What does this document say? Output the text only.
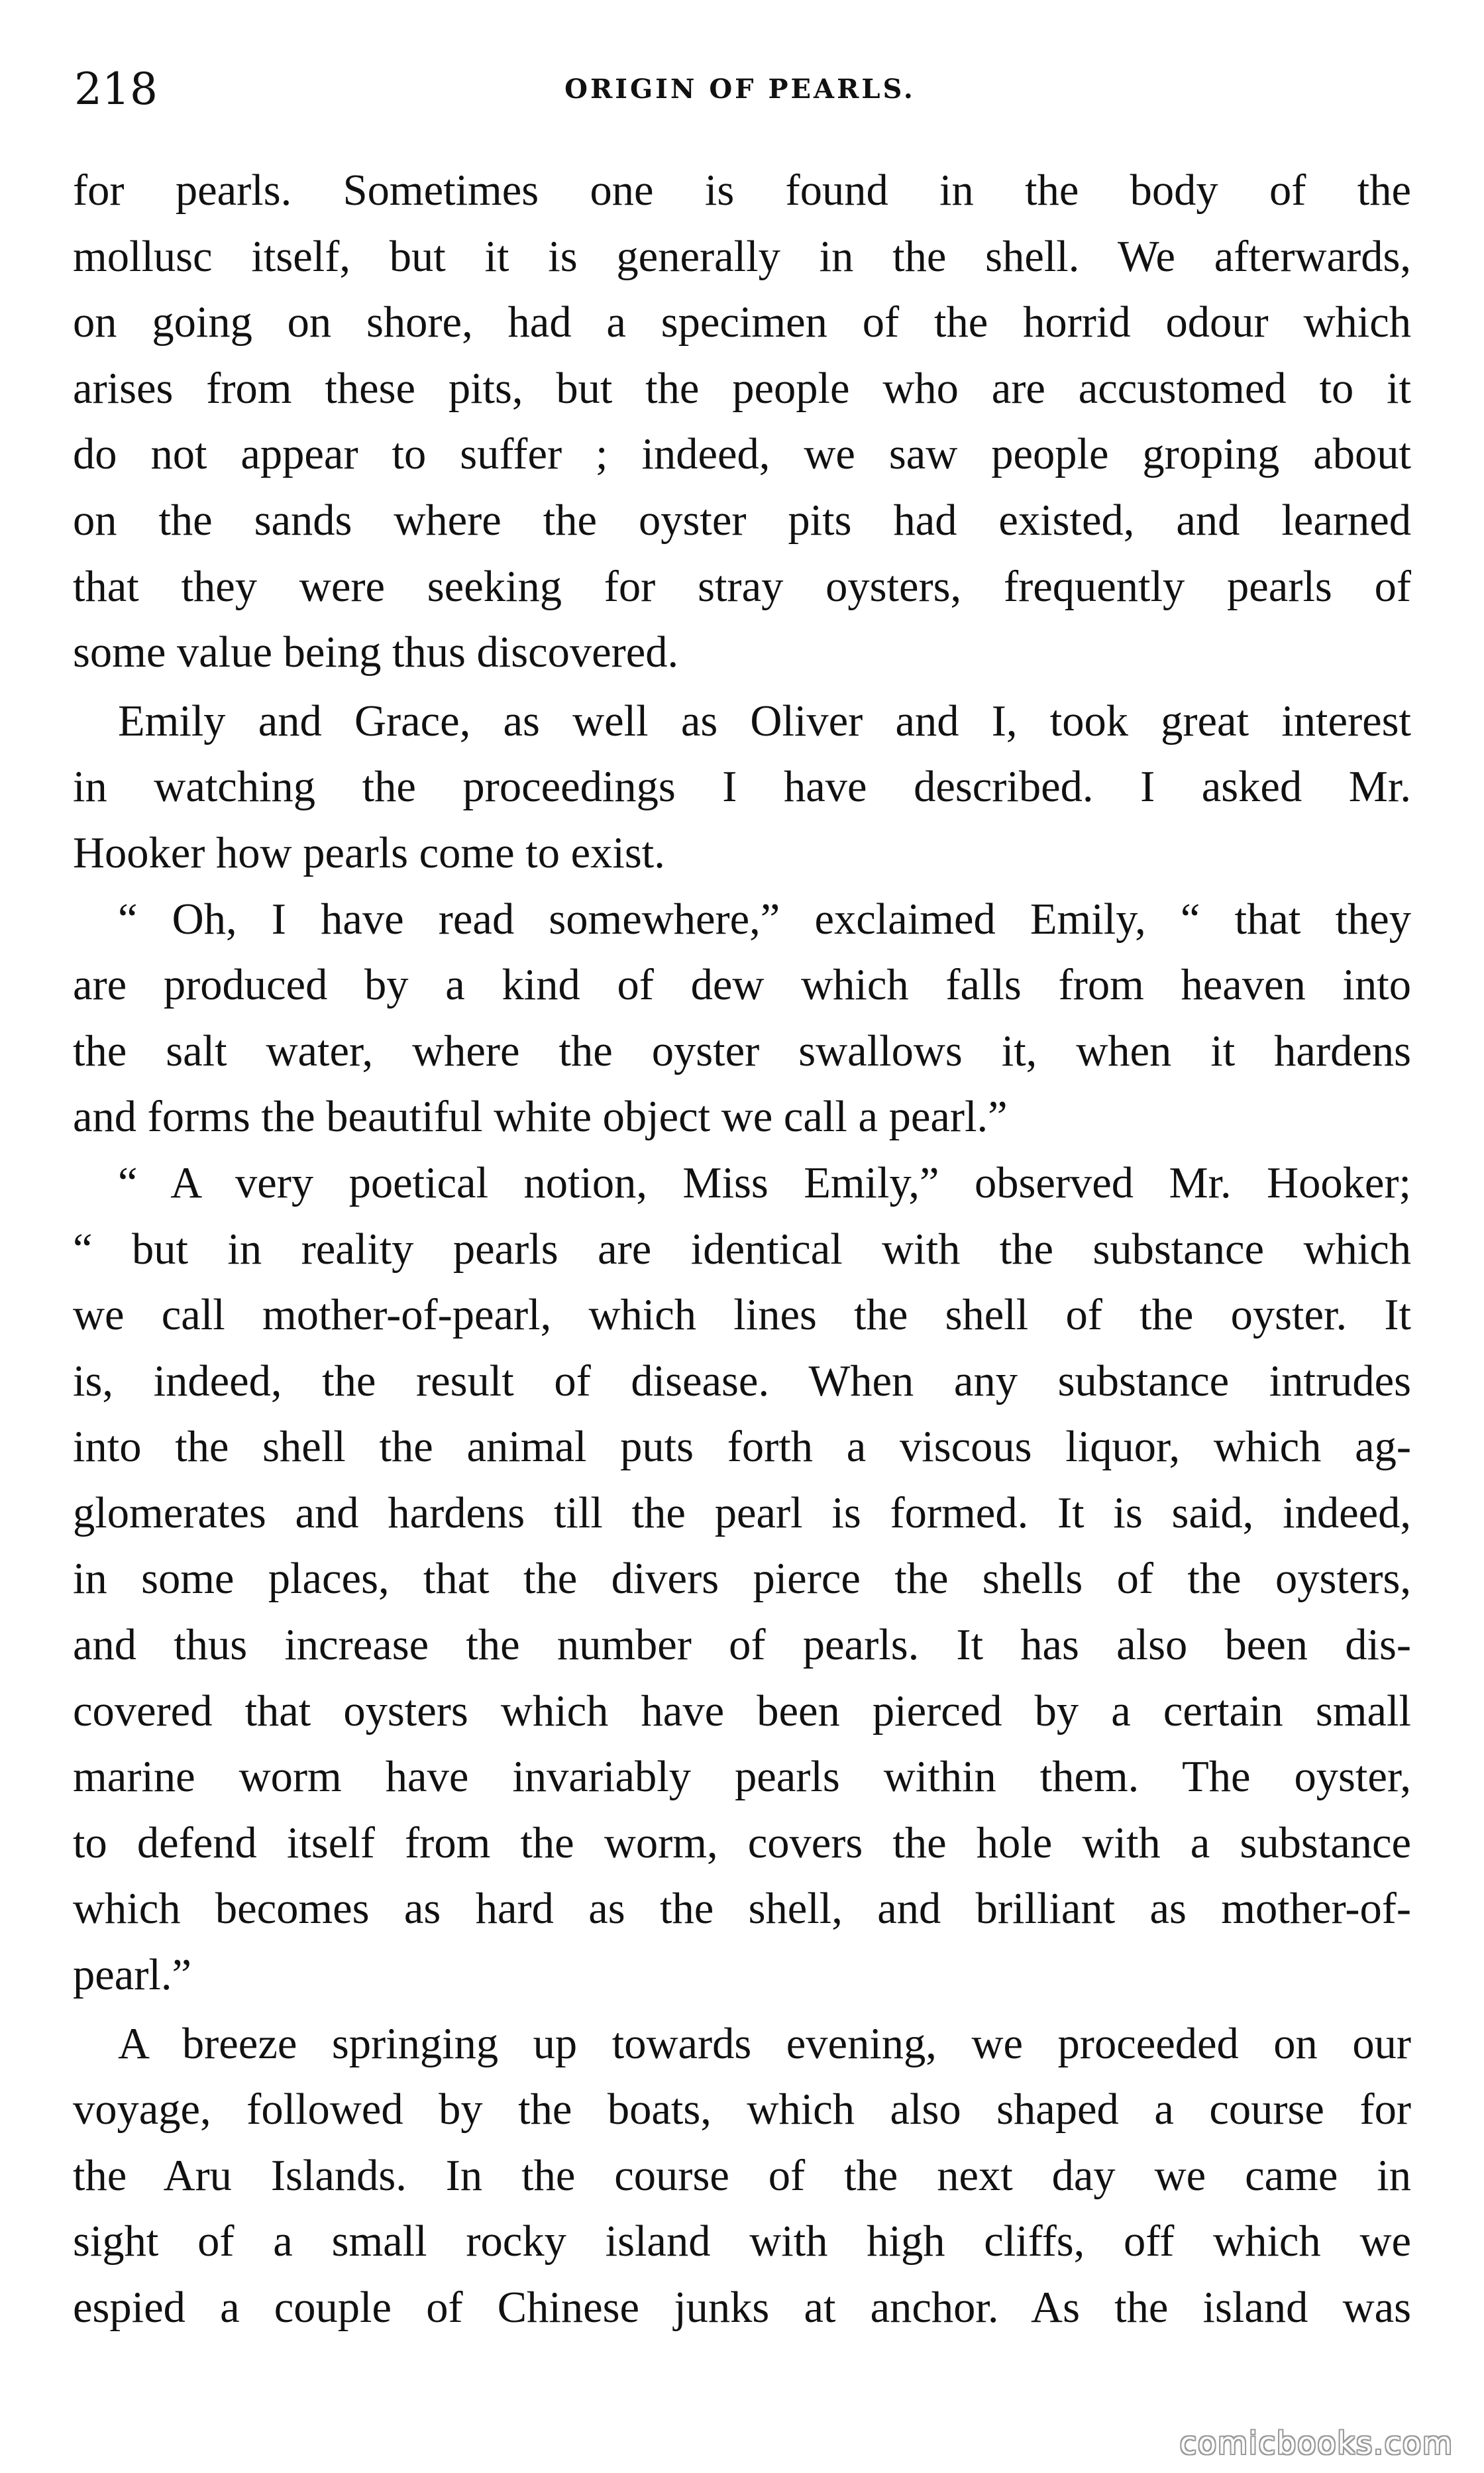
218	ORIGIN OF PEARLS.
for pearls. Sometimes one is found in the body of the
mollusc itself, but it is generally in the shell. We afterwards,
on going on shore, had a specimen of the horrid odour which
arises from these pits, but the people who are accustomed to it
do not appear to suffer ; indeed, we saw people groping about
on the sands where the oyster pits had existed, and learned
that they were seeking for stray oysters, frequently pearls of
some value being thus discovered.
Emily and Grace, as well as Oliver and I, took great interest
in watching the proceedings I have described. I asked Mr.
Hooker how pearls come to exist.
“ Oh, I have read somewhere,” exclaimed Emily, “ that they
are produced by a kind of dew which falls from heaven into
the salt water, where the oyster swallows it, when it hardens
and forms the beautiful white object we call a pearl.”
“ A very poetical notion, Miss Emily,” observed Mr. Hooker;
“ but in reality pearls are identical with the substance which
we call mother-of-pearl, which lines the shell of the oyster. It
is, indeed, the result of disease. When any substance intrudes
into the shell the animal puts forth a viscous liquor, which ag-
glomerates and hardens till the pearl is formed. It is said, indeed,
in some places, that the divers pierce the shells of the oysters,
and thus increase the number of pearls. It has also been dis-
covered that oysters which have been pierced by a certain small
marine worm have invariably pearls within them. The oyster,
to defend itself from the worm, covers the hole with a substance
which becomes as hard as the shell, and brilliant as mother-of-
pearl.”
A breeze springing up towards evening, we proceeded on our
voyage, followed by the boats, which also shaped a course for
the Aru Islands. In the course of the next day we came in
sight of a small rocky island with high cliffs, off which we
espied a couple of Chinese junks at anchor. As the island was
comicbooks.com
